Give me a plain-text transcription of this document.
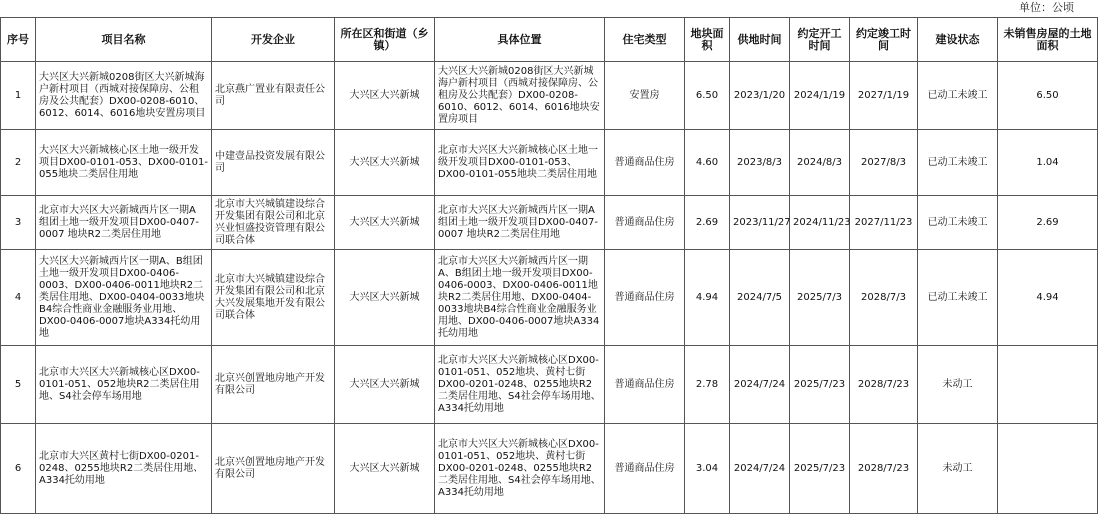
单位：公顷
序号	项目名称	开发企业	所在区和街道（乡镇）	具体位置	住宅类型	地块面积	供地时间	约定开工时间	约定竣工时间	建设状态	未销售房屋的土地面积
1	大兴区大兴新城0208街区大兴新城海户新村项目（西城对接保障房、公租房及公共配套）DX00-0208-6010、6012、6014、6016地块安置房项目	北京燕广置业有限责任公司	大兴区大兴新城	大兴区大兴新城0208街区大兴新城海户新村项目（西城对接保障房、公租房及公共配套）DX00-0208-6010、6012、6014、6016地块安置房项目	安置房	6.50	2023/1/20	2024/1/19	2027/1/19	已动工未竣工	6.50
2	大兴区大兴新城核心区土地一级开发项目DX00-0101-053、DX00-0101-055地块二类居住用地	中建壹品投资发展有限公司	大兴区大兴新城	北京市大兴区大兴新城核心区土地一级开发项目DX00-0101-053、DX00-0101-055地块二类居住用地	普通商品住房	4.60	2023/8/3	2024/8/3	2027/8/3	已动工未竣工	1.04
3	北京市大兴区大兴新城西片区一期A 组团土地一级开发项目DX00-0407-0007 地块R2二类居住用地	北京市大兴城镇建设综合开发集团有限公司和北京兴业恒盛投资管理有限公司联合体	大兴区大兴新城	北京市大兴区大兴新城西片区一期A 组团土地一级开发项目DX00-0407-0007 地块R2二类居住用地	普通商品住房	2.69	2023/11/27	2024/11/23	2027/11/23	已动工未竣工	2.69
4	大兴区大兴新城西片区一期A、B组团土地一级开发项目DX00-0406-0003、DX00-0406-0011地块R2二类居住用地、DX00-0404-0033地块B4综合性商业金融服务业用地、DX00-0406-0007地块A334托幼用地	北京市大兴城镇建设综合开发集团有限公司和北京大兴发展集地开发有限公司联合体	大兴区大兴新城	北京市大兴区大兴新城西片区一期A、B组团土地一级开发项目DX00-0406-0003、DX00-0406-0011地块R2二类居住用地、DX00-0404-0033地块B4综合性商业金融服务业用地、DX00-0406-0007地块A334托幼用地	普通商品住房	4.94	2024/7/5	2025/7/3	2028/7/3	已动工未竣工	4.94
5	北京市大兴区大兴新城核心区DX00-0101-051、052地块R2二类居住用地、S4社会停车场用地	北京兴创置地房地产开发有限公司	大兴区大兴新城	北京市大兴区大兴新城核心区DX00-0101-051、052地块、黄村七街DX00-0201-0248、0255地块R2二类居住用地、S4社会停车场用地、A334托幼用地	普通商品住房	2.78	2024/7/24	2025/7/23	2028/7/23	未动工	
6	北京市大兴区黄村七街DX00-0201-0248、0255地块R2二类居住用地、A334托幼用地	北京兴创置地房地产开发有限公司	大兴区大兴新城	北京市大兴区大兴新城核心区DX00-0101-051、052地块、黄村七街DX00-0201-0248、0255地块R2二类居住用地、S4社会停车场用地、A334托幼用地	普通商品住房	3.04	2024/7/24	2025/7/23	2028/7/23	未动工	
